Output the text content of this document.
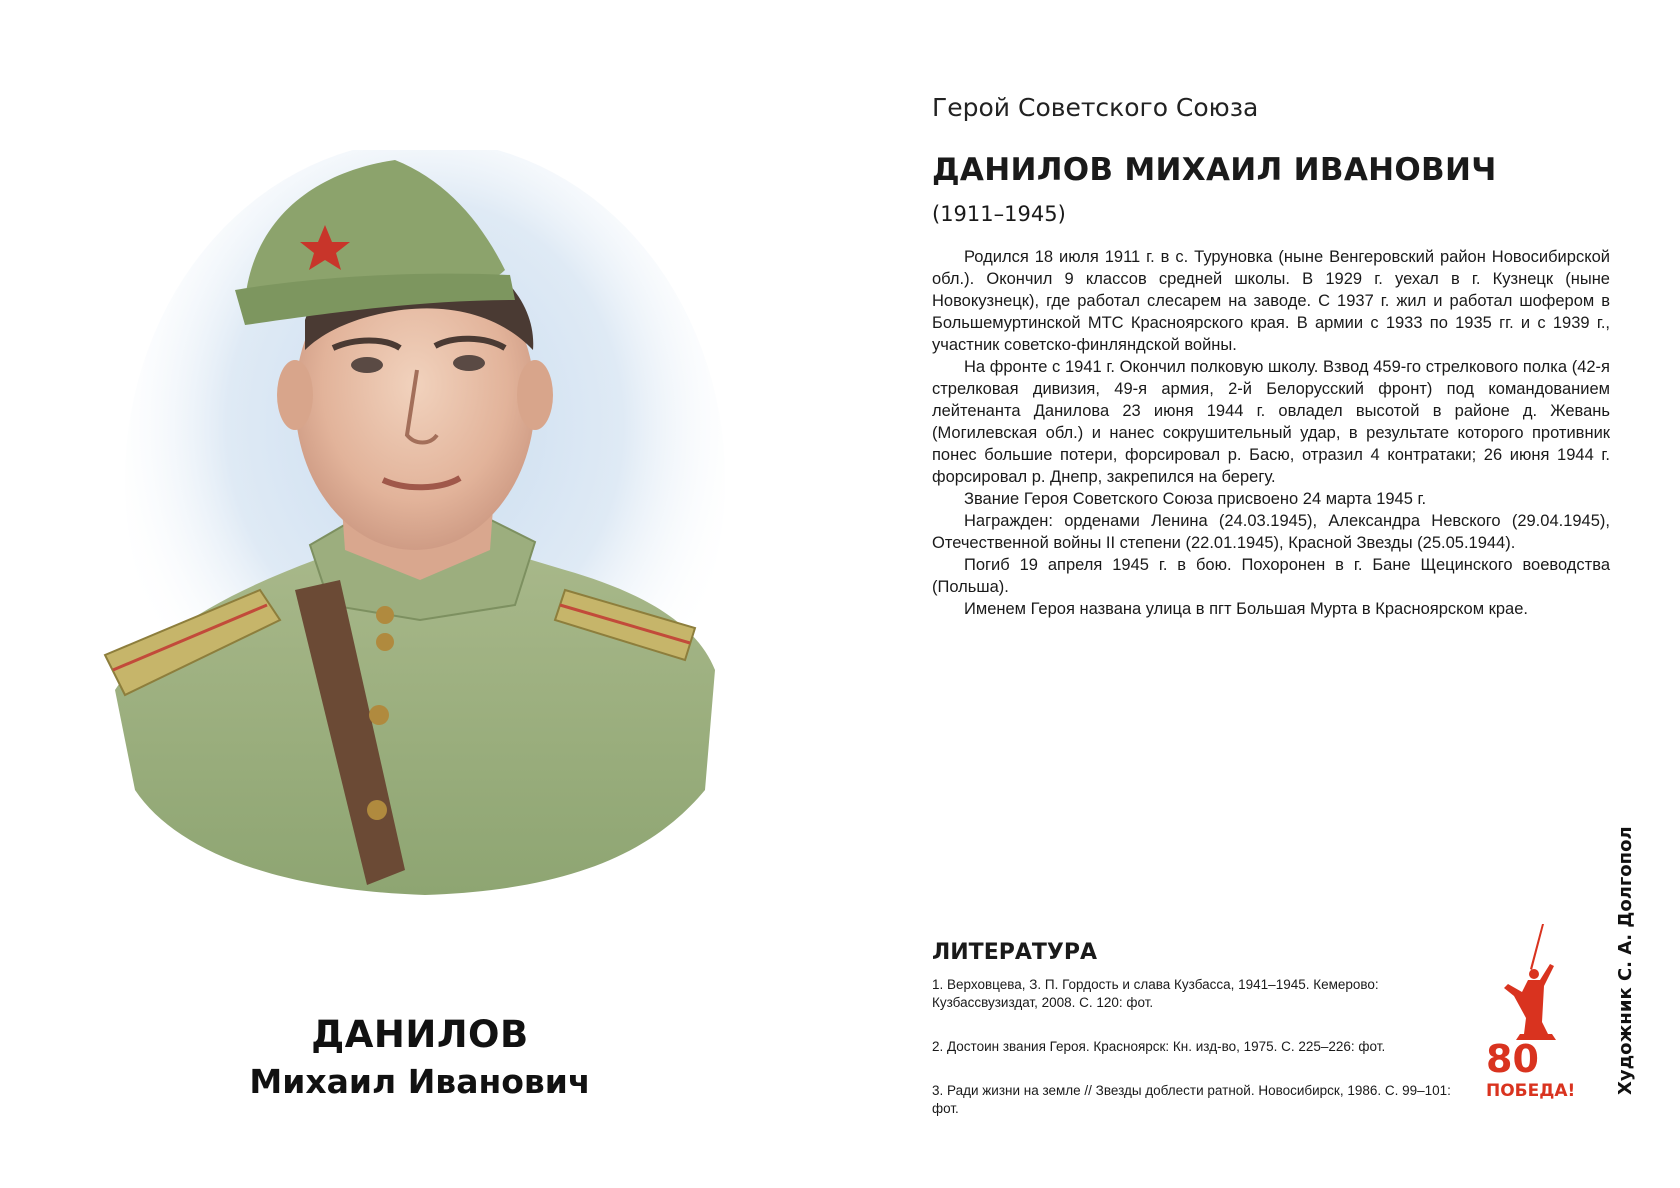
ДАНИЛОВ
Михаил Иванович
Герой Советского Союза
ДАНИЛОВ МИХАИЛ ИВАНОВИЧ
(1911–1945)

Родился 18 июля 1911 г. в с. Туруновка (ныне Венгеровский район Новосибирской обл.). Окончил 9 классов средней школы. В 1929 г. уехал в г. Кузнецк (ныне Новокузнецк), где работал слесарем на заводе. С 1937 г. жил и работал шофером в Большемуртинской МТС Красноярского края. В армии с 1933 по 1935 гг. и с 1939 г., участник советско-финляндской войны.

На фронте с 1941 г. Окончил полковую школу. Взвод 459-го стрелкового полка (42-я стрелковая дивизия, 49-я армия, 2-й Белорусский фронт) под командованием лейтенанта Данилова 23 июня 1944 г. овладел высотой в районе д. Жевань (Могилевская обл.) и нанес сокрушительный удар, в результате которого противник понес большие потери, форсировал р. Басю, отразил 4 контратаки; 26 июня 1944 г. форсировал р. Днепр, закрепился на берегу.

Звание Героя Советского Союза присвоено 24 марта 1945 г.

Награжден: орденами Ленина (24.03.1945), Александра Невского (29.04.1945), Отечественной войны II степени (22.01.1945), Красной Звезды (25.05.1944).

Погиб 19 апреля 1945 г. в бою. Похоронен в г. Бане Щецинского воеводства (Польша).

Именем Героя названа улица в пгт Большая Мурта в Красноярском крае.

ЛИТЕРАТУРА
1. Верховцева, З. П. Гордость и слава Кузбасса, 1941–1945. Кемерово: Кузбассвузиздат, 2008. С. 120: фот.
2. Достоин звания Героя. Красноярск: Кн. изд-во, 1975. С. 225–226: фот.
3. Ради жизни на земле // Звезды доблести ратной. Новосибирск, 1986. С. 99–101: фот.
80
ПОБЕДА! Художник С. А. Долгопол
